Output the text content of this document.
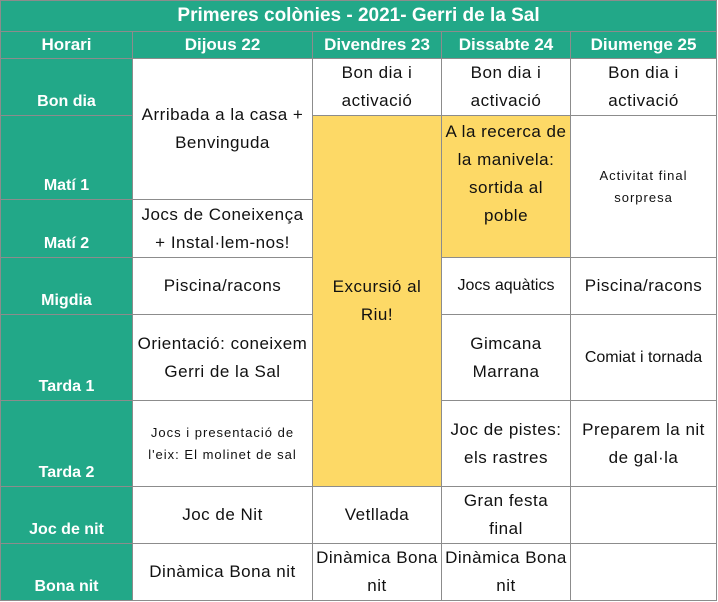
Primeres colònies - 2021- Gerri de la Sal					
Horari	Dijous 22	Divendres 23	Dissabte 24	Diumenge 25	
Bon dia	Arribada a la casa + Benvinguda	Bon dia i activació	Bon dia i activació	Bon dia i activació	
Matí 1		Excursió al Riu!	A la recerca de la manivela: sortida al poble	Activitat final sorpresa	
Matí 2	Jocs de Coneixença + Instal·lem-nos!				
Migdia	Piscina/racons		Jocs aquàtics	Piscina/racons	
Tarda 1	Orientació: coneixem Gerri de la Sal		Gimcana Marrana	Comiat i tornada	
Tarda 2	Jocs i presentació de l'eix: El molinet de sal		Joc de pistes: els rastres	Preparem la nit de gal·la	
Joc de nit	Joc de Nit	Vetllada	Gran festa final		
Bona nit	Dinàmica Bona nit	Dinàmica Bona nit	Dinàmica Bona nit		
